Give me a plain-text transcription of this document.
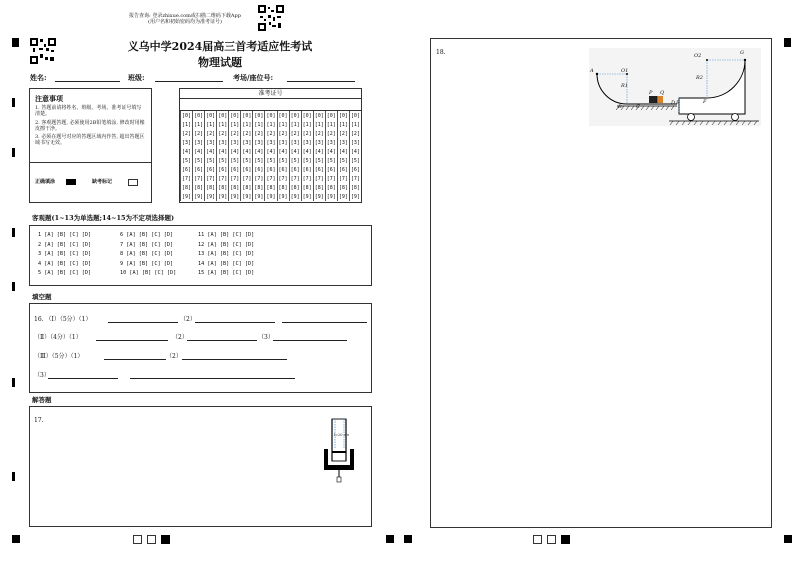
报告查询: 登录zhixue.com或扫描二维码下载App
(用户名和初始密码均为准考证号)
义乌中学2024届高三首考适应性考试
物理试题
姓名:	班级:	考场/座位号:
注意事项
1. 答题前请将姓名、班级、考场、准考证号填写清楚。
2. 客观题答题, 必须使用2B铅笔填涂, 修改时用橡皮擦干净。
3. 必须在题号对应的答题区域内作答, 超出答题区域书写无效。
正确填涂	缺考标记
准考证号
[0]	[0]	[0]	[0]	[0]	[0]	[0]	[0]	[0]	[0]	[0]	[0]	[0]	[0]	[0]
[1]	[1]	[1]	[1]	[1]	[1]	[1]	[1]	[1]	[1]	[1]	[1]	[1]	[1]	[1]
[2]	[2]	[2]	[2]	[2]	[2]	[2]	[2]	[2]	[2]	[2]	[2]	[2]	[2]	[2]
[3]	[3]	[3]	[3]	[3]	[3]	[3]	[3]	[3]	[3]	[3]	[3]	[3]	[3]	[3]
[4]	[4]	[4]	[4]	[4]	[4]	[4]	[4]	[4]	[4]	[4]	[4]	[4]	[4]	[4]
[5]	[5]	[5]	[5]	[5]	[5]	[5]	[5]	[5]	[5]	[5]	[5]	[5]	[5]	[5]
[6]	[6]	[6]	[6]	[6]	[6]	[6]	[6]	[6]	[6]	[6]	[6]	[6]	[6]	[6]
[7]	[7]	[7]	[7]	[7]	[7]	[7]	[7]	[7]	[7]	[7]	[7]	[7]	[7]	[7]
[8]	[8]	[8]	[8]	[8]	[8]	[8]	[8]	[8]	[8]	[8]	[8]	[8]	[8]	[8]
[9]	[9]	[9]	[9]	[9]	[9]	[9]	[9]	[9]	[9]	[9]	[9]	[9]	[9]	[9]
客观题(1~13为单选题;14~15为不定项选择题)
1 [A] [B] [C] [D]
2 [A] [B] [C] [D]
3 [A] [B] [C] [D]
4 [A] [B] [C] [D]
5 [A] [B] [C] [D]
6 [A] [B] [C] [D]
7 [A] [B] [C] [D]
8 [A] [B] [C] [D]
9 [A] [B] [C] [D]
10 [A] [B] [C] [D]
11 [A] [B] [C] [D]
12 [A] [B] [C] [D]
13 [A] [B] [C] [D]
14 [A] [B] [C] [D]
15 [A] [B] [C] [D]
填空题
16. （Ⅰ）（5分）（1）	（2）
（Ⅱ）（4分）（1）	（2）	（3）
（Ⅲ）（5分）（1）	（2）
（3）
解答题
17.
l=20 cm
18.
A	O1
R1
B	C
P Q
D E	F
O2
R2
G
